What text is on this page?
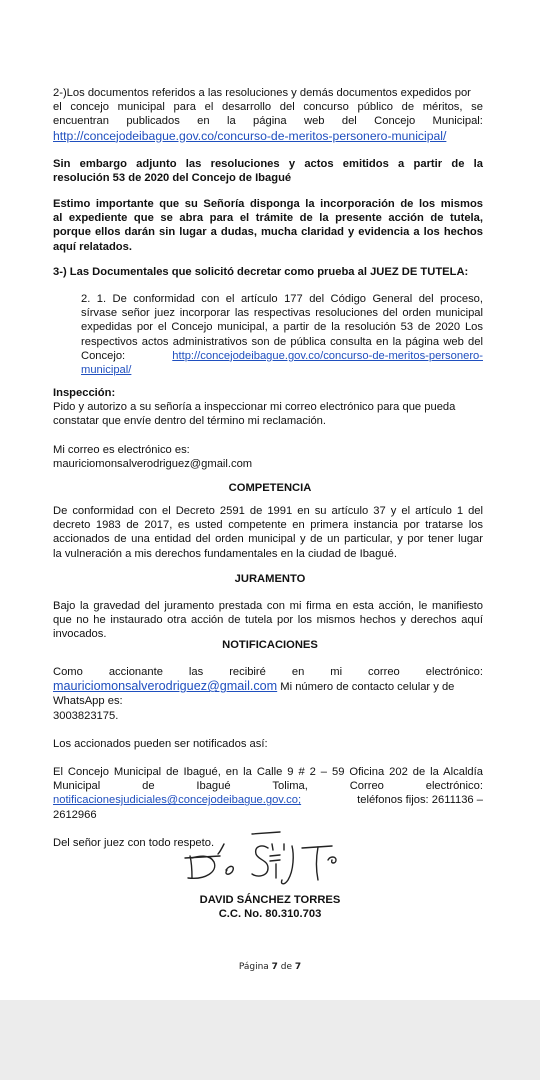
2-)Los documentos referidos a las resoluciones y demás documentos expedidos por
el concejo municipal para el desarrollo del concurso público de méritos, se
encuentran publicados en la página web del Concejo Municipal:
http://concejodeibague.gov.co/concurso-de-meritos-personero-municipal/
Sin embargo adjunto las resoluciones y actos emitidos a partir de la
resolución 53 de 2020 del Concejo de Ibagué
Estimo importante que su Señoría disponga la incorporación de los mismos
al expediente que se abra para el trámite de la presente acción de tutela,
porque ellos darán sin lugar a dudas, mucha claridad y evidencia a los hechos
aquí relatados.
3-) Las Documentales que solicitó decretar como prueba al JUEZ DE TUTELA:
2. 1. De conformidad con el artículo 177 del Código General del proceso,
sírvase señor juez incorporar las respectivas resoluciones del orden municipal
expedidas por el Concejo municipal, a partir de la resolución 53 de 2020 Los
respectivos actos administrativos son de pública consulta en la página web del
Concejo:	http://concejodeibague.gov.co/concurso-de-meritos-personero-
municipal/
Inspección:
Pido y autorizo a su señoría a inspeccionar mi correo electrónico para que pueda
constatar que envíe dentro del término mi reclamación.
Mi correo es electrónico es:
mauriciomonsalverodriguez@gmail.com
COMPETENCIA
De conformidad con el Decreto 2591 de 1991 en su artículo 37 y el artículo 1 del
decreto 1983 de 2017, es usted competente en primera instancia por tratarse los
accionados de una entidad del orden municipal y de un particular, y por tener lugar
la vulneración a mis derechos fundamentales en la ciudad de Ibagué.
JURAMENTO
Bajo la gravedad del juramento prestada con mi firma en esta acción, le manifiesto
que no he instaurado otra acción de tutela por los mismos hechos y derechos aquí
invocados.
NOTIFICACIONES
Como accionante las recibiré en mi correo electrónico:
mauriciomonsalverodriguez@gmail.com Mi número de contacto celular y de
WhatsApp es:
3003823175.
Los accionados pueden ser notificados así:
El Concejo Municipal de Ibagué, en la Calle 9 # 2 – 59 Oficina 202 de la Alcaldía
Municipal	de	Ibagué	Tolima,	Correo	electrónico:
notificacionesjudiciales@concejodeibague.gov.co;	teléfonos fijos: 2611136 –
2612966
Del señor juez con todo respeto.
DAVID SÁNCHEZ TORRES
C.C. No. 80.310.703
Página 7 de 7
